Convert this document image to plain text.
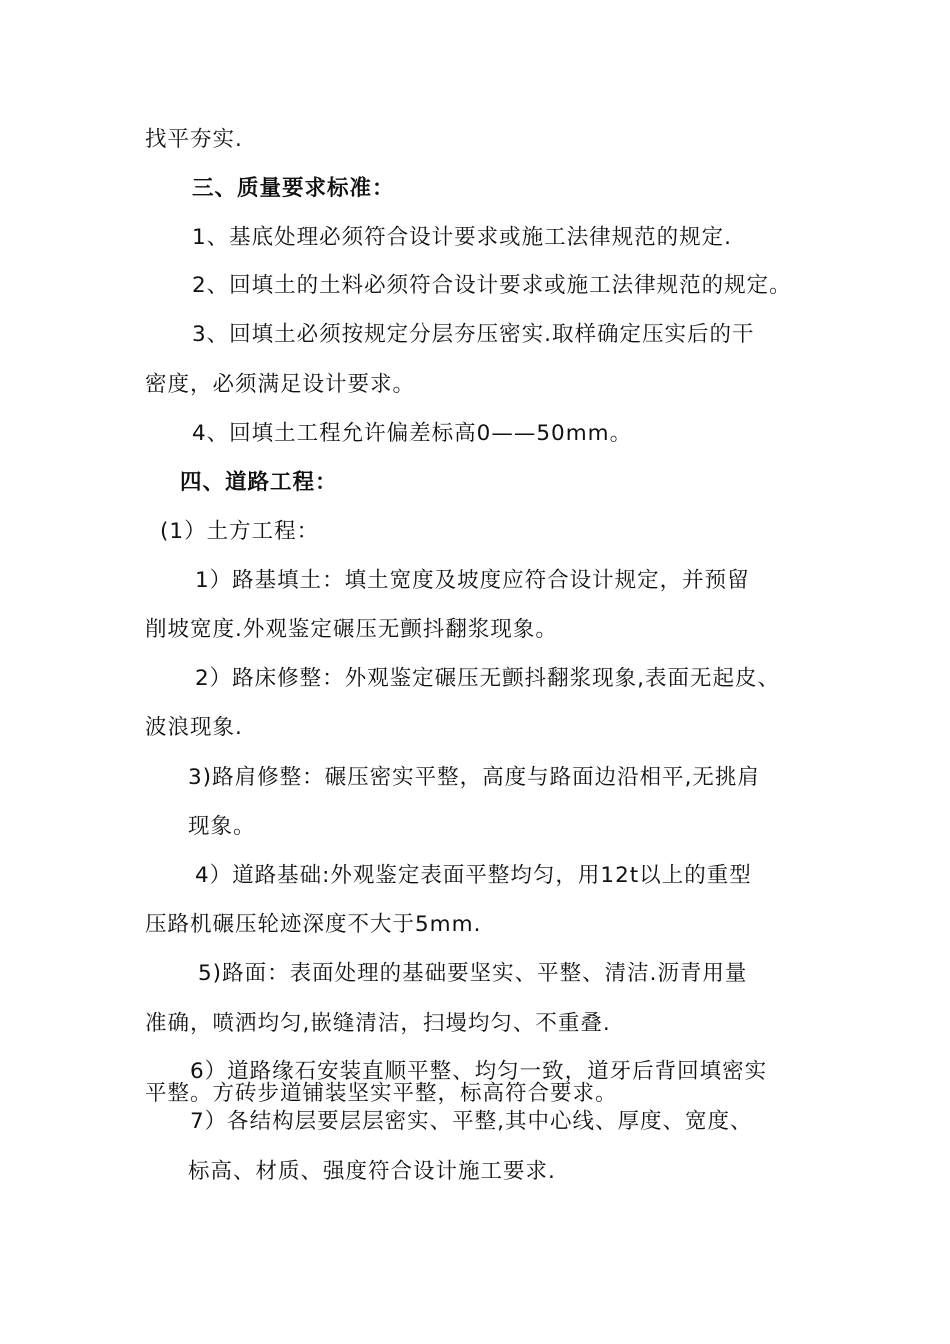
找平夯实.
三、质量要求标准：
1、基底处理必须符合设计要求或施工法律规范的规定.
2、回填土的土料必须符合设计要求或施工法律规范的规定。
3、回填土必须按规定分层夯压密实.取样确定压实后的干
密度，必须满足设计要求。
4、回填土工程允许偏差标高0——50mm。
四、道路工程：
(1）土方工程：
1）路基填土：填土宽度及坡度应符合设计规定，并预留
削坡宽度.外观鉴定碾压无颤抖翻浆现象。
2）路床修整：外观鉴定碾压无颤抖翻浆现象,表面无起皮、
波浪现象.
3)路肩修整：碾压密实平整，高度与路面边沿相平,无挑肩
现象。
4）道路基础:外观鉴定表面平整均匀，用12t以上的重型
压路机碾压轮迹深度不大于5mm.
5)路面：表面处理的基础要坚实、平整、清洁.沥青用量
准确，喷洒均匀,嵌缝清洁，扫墁均匀、不重叠.
6）道路缘石安装直顺平整、均匀一致，道牙后背回填密实
平整。方砖步道铺装坚实平整，标高符合要求。
7）各结构层要层层密实、平整,其中心线、厚度、宽度、
标高、材质、强度符合设计施工要求.
